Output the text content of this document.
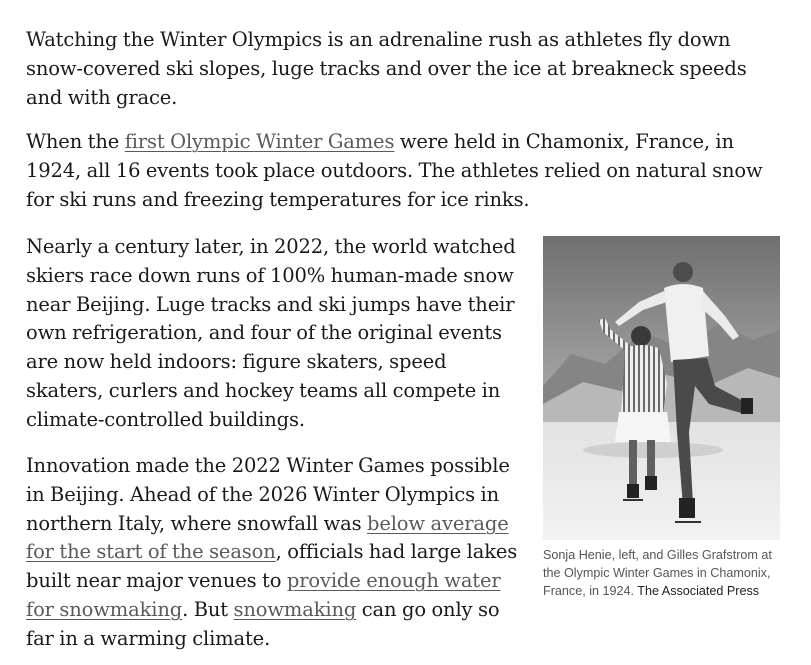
Watching the Winter Olympics is an adrenaline rush as athletes fly down snow-covered ski slopes, luge tracks and over the ice at breakneck speeds and with grace.

When the first Olympic Winter Games were held in Chamonix, France, in 1924, all 16 events took place outdoors. The athletes relied on natural snow for ski runs and freezing temperatures for ice rinks.

Nearly a century later, in 2022, the world watched skiers race down runs of 100% human-made snow near Beijing. Luge tracks and ski jumps have their own refrigeration, and four of the original events are now held indoors: figure skaters, speed skaters, curlers and hockey teams all compete in climate-controlled buildings.

Innovation made the 2022 Winter Games possible in Beijing. Ahead of the 2026 Winter Olympics in northern Italy, where snowfall was below average for the start of the season, officials had large lakes built near major venues to provide enough water for snowmaking. But snowmaking can go only so far in a warming climate.

Sonja Henie, left, and Gilles Grafstrom at the Olympic Winter Games in Chamonix, France, in 1924. The Associated Press
